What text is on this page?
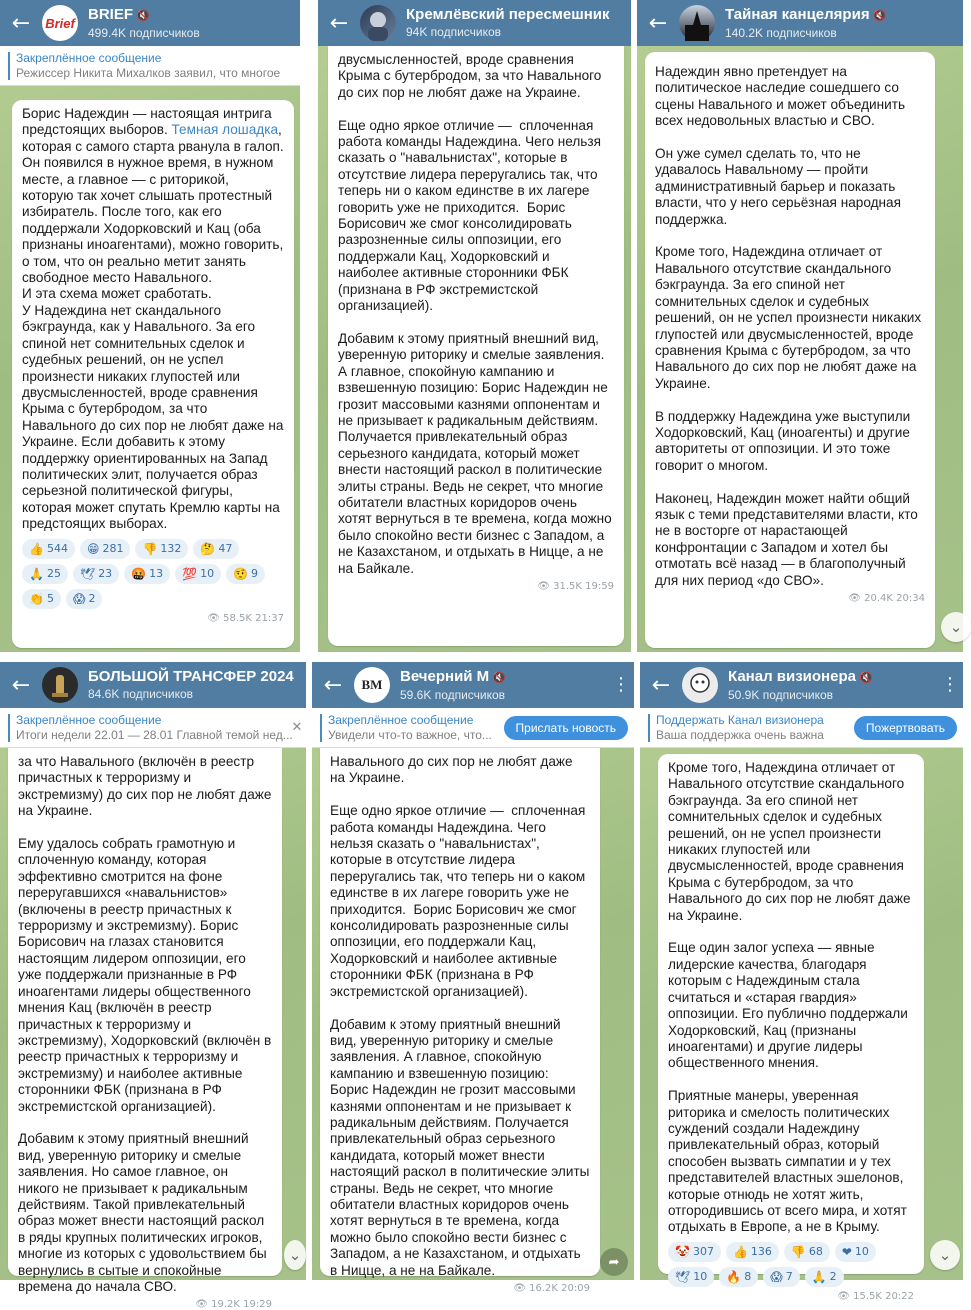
←	Brief
BRIEF 🔇
499.4K подписчиков
Закреплённое сообщение
Режиссер Никита Михалков заявил, что многое
Борис Надеждин — настоящая интрига предстоящих выборов. Темная лошадка, которая с самого старта рванула в галоп. Он появился в нужное время, в нужном месте, а главное — с риторикой, которую так хочет слышать протестный избиратель. После того, как его поддержали Ходорковский и Кац (оба признаны иноагентами), можно говорить, о том, что он реально метит занять свободное место Навального.
И эта схема может сработать.
У Надеждина нет скандального бэкграунда, как у Навального. За его спиной нет сомнительных сделок и судебных решений, он не успел произнести никаких глупостей или двусмысленностей, вроде сравнения Крыма с бутербродом, за что Навального до сих пор не любят даже на Украине. Если добавить к этому поддержку ориентированных на Запад политических элит, получается образ серьезной политической фигуры, которая может спутать Кремлю карты на предстоящих выборах.
👍 544 😁 281 👎 132 🤔 47
🙏 25 🕊 23 🤬 13 💯 10 🤨 9
👏 5 😱 2
👁 58.5K 21:37
←	Кремлёвский пересмешник
94K подписчиков
двусмысленностей, вроде сравнения Крыма с бутербродом, за что Навального до сих пор не любят даже на Украине.

Еще одно яркое отличие —  сплоченная работа команды Надеждина. Чего нельзя сказать о "навальнистах", которые в отсутствие лидера переругались так, что теперь ни о каком единстве в их лагере говорить уже не приходится.  Борис Борисович же смог консолидировать разрозненные силы оппозиции, его поддержали Кац, Ходорковский и наиболее активные сторонники ФБК (признана в РФ экстремистской организацией).

Добавим к этому приятный внешний вид, уверенную риторику и смелые заявления. А главное, спокойную кампанию и взвешенную позицию: Борис Надеждин не грозит массовыми казнями оппонентам и не призывает к радикальным действиям. Получается привлекательный образ серьезного кандидата, который может внести настоящий раскол в политические элиты страны. Ведь не секрет, что многие обитатели властных коридоров очень хотят вернуться в те времена, когда можно было спокойно вести бизнес с Западом, а не Казахстаном, и отдыхать в Ницце, а не на Байкале.
👁 31.5K 19:59
←	Тайная канцелярия 🔇
140.2K подписчиков
Надеждин явно претендует на политическое наследие сошедшего со сцены Навального и может объединить всех недовольных властью и СВО.

Он уже сумел сделать то, что не удавалось Навальному — пройти административный барьер и показать власти, что у него серьёзная народная поддержка.

Кроме того, Надеждина отличает от Навального отсутствие скандального бэкграунда. За его спиной нет сомнительных сделок и судебных решений, он не успел произнести никаких глупостей или двусмысленностей, вроде сравнения Крыма с бутербродом, за что Навального до сих пор не любят даже на Украине.

В поддержку Надеждина уже выступили Ходорковский, Кац (иноагенты) и другие авторитеты от оппозиции. И это тоже говорит о многом.

Наконец, Надеждин может найти общий язык с теми представителями власти, кто не в восторге от нарастающей конфронтации с Западом и хотел бы отмотать всё назад — в благополучный для них период «до СВО».
👁 20.4K 20:34
⌄
←	БОЛЬШОЙ ТРАНСФЕР 2024
84.6K подписчиков
Закреплённое сообщение
Итоги недели 22.01 — 28.01 Главной темой нед...
✕
за что Навального (включён в реестр причастных к терроризму и экстремизму) до сих пор не любят даже на Украине.

Ему удалось собрать грамотную и сплоченную команду, которая эффективно смотрится на фоне переругавшихся «навальнистов» (включены в реестр причастных к терроризму и экстремизму). Борис Борисович на глазах становится настоящим лидером оппозиции, его уже поддержали признанные в РФ иноагентами лидеры общественного мнения Кац (включён в реестр причастных к терроризму и экстремизму), Ходорковский (включён в реестр причастных к терроризму и экстремизму) и наиболее активные сторонники ФБК (признана в РФ экстремистской организацией).

Добавим к этому приятный внешний вид, уверенную риторику и смелые заявления. Но самое главное, он никого не призывает к радикальным действиям. Такой привлекательный образ может внести настоящий раскол в ряды крупных политических игроков, многие из которых с удовольствием бы вернулись в сытые и спокойные времена до начала СВО.
👁 19.2K 19:29
⌄
←	BM Вечерний М 🔇
59.6K подписчиков	⋮
Закреплённое сообщение
Увидели что-то важное, что...	Прислать новость
Навального до сих пор не любят даже на Украине.

Еще одно яркое отличие —  сплоченная работа команды Надеждина. Чего нельзя сказать о "навальнистах", которые в отсутствие лидера переругались так, что теперь ни о каком единстве в их лагере говорить уже не приходится.  Борис Борисович же смог консолидировать разрозненные силы оппозиции, его поддержали Кац, Ходорковский и наиболее активные сторонники ФБК (признана в РФ экстремистской организацией).

Добавим к этому приятный внешний вид, уверенную риторику и смелые заявления. А главное, спокойную кампанию и взвешенную позицию: Борис Надеждин не грозит массовыми казнями оппонентам и не призывает к радикальным действиям. Получается привлекательный образ серьезного кандидата, который может внести настоящий раскол в политические элиты страны. Ведь не секрет, что многие обитатели властных коридоров очень хотят вернуться в те времена, когда можно было спокойно вести бизнес с Западом, а не Казахстаном, и отдыхать в Ницце, а не на Байкале.
👁 16.2K 20:09
➦
←	Канал визионера 🔇
50.9K подписчиков	⋮
Поддержать Канал визионера
Ваша поддержка очень важна	Пожертвовать
Кроме того, Надеждина отличает от Навального отсутствие скандального бэкграунда. За его спиной нет сомнительных сделок и судебных решений, он не успел произнести никаких глупостей или двусмысленностей, вроде сравнения Крыма с бутербродом, за что Навального до сих пор не любят даже на Украине.

Еще один залог успеха — явные лидерские качества, благодаря которым с Надеждиным стала считаться и «старая гвардия» оппозиции. Его публично поддержали Ходорковский, Кац (признаны иноагентами) и другие лидеры общественного мнения.

Приятные манеры, уверенная риторика и смелость политических суждений создали Надеждину привлекательный образ, который способен вызвать симпатии и у тех представителей властных эшелонов, которые отнюдь не хотят жить, отгородившись от всего мира, и хотят отдыхать в Европе, а не в Крыму.
🤡 307 👍 136 👎 68 ❤ 10
🕊 10 🔥 8 😱 7 🙏 2
👁 15.5K 20:22
⌄
